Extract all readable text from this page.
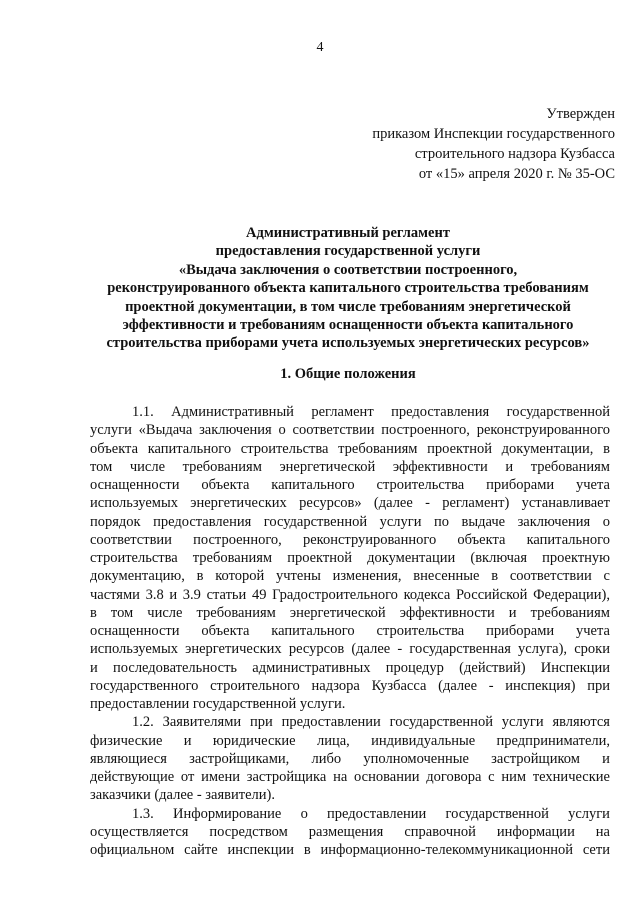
4
Утвержден
приказом Инспекции государственного
строительного надзора Кузбасса
от «15» апреля 2020 г. № 35-ОС
Административный регламент
предоставления государственной услуги
«Выдача заключения о соответствии построенного,
реконструированного объекта капитального строительства требованиям
проектной документации, в том числе требованиям энергетической
эффективности и требованиям оснащенности объекта капитального
строительства приборами учета используемых энергетических ресурсов»
1. Общие положения
1.1. Административный регламент предоставления государственной
услуги «Выдача заключения о соответствии построенного, реконструированного
объекта капитального строительства требованиям проектной документации, в
том числе требованиям энергетической эффективности и требованиям
оснащенности объекта капитального строительства приборами учета
используемых энергетических ресурсов» (далее - регламент) устанавливает
порядок предоставления государственной услуги по выдаче заключения о
соответствии построенного, реконструированного объекта капитального
строительства требованиям проектной документации (включая проектную
документацию, в которой учтены изменения, внесенные в соответствии с
частями 3.8 и 3.9 статьи 49 Градостроительного кодекса Российской Федерации),
в том числе требованиям энергетической эффективности и требованиям
оснащенности объекта капитального строительства приборами учета
используемых энергетических ресурсов (далее - государственная услуга), сроки
и последовательность административных процедур (действий) Инспекции
государственного строительного надзора Кузбасса (далее - инспекция) при
предоставлении государственной услуги.
1.2. Заявителями при предоставлении государственной услуги являются
физические и юридические лица, индивидуальные предприниматели,
являющиеся застройщиками, либо уполномоченные застройщиком и
действующие от имени застройщика на основании договора с ним технические
заказчики (далее - заявители).
1.3. Информирование о предоставлении государственной услуги
осуществляется посредством размещения справочной информации на
официальном сайте инспекции в информационно-телекоммуникационной сети
